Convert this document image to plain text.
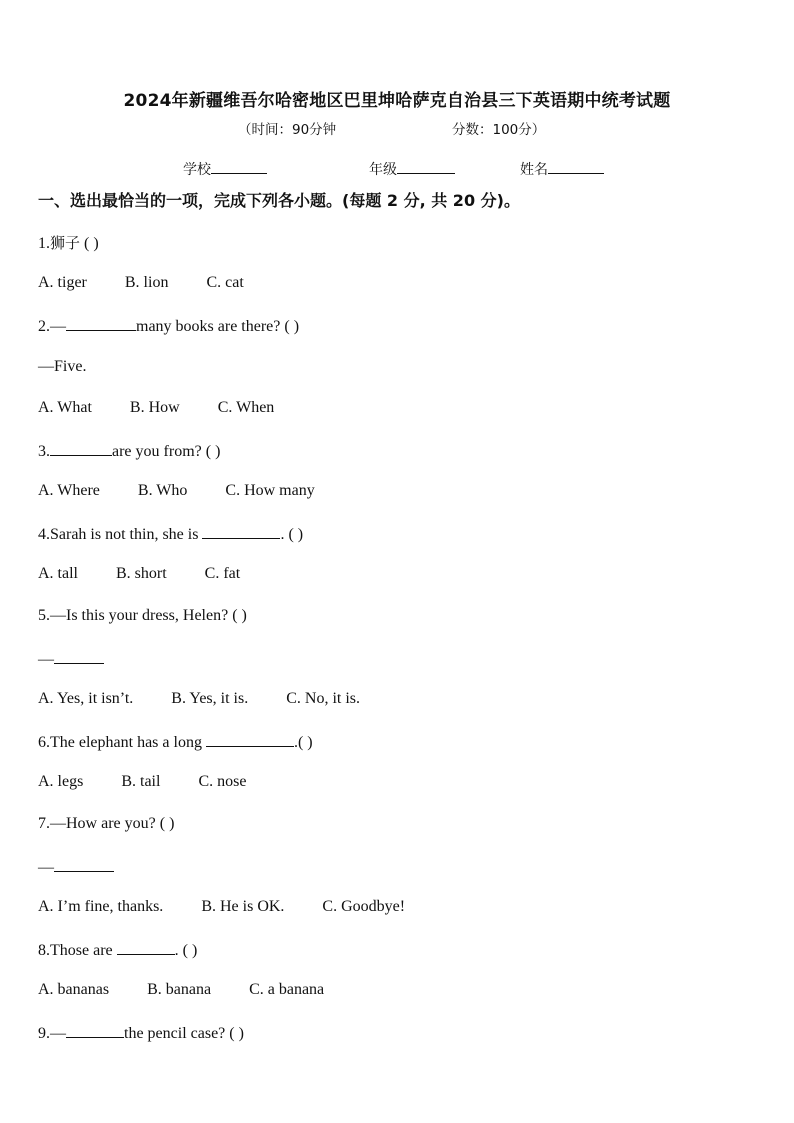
2024年新疆维吾尔哈密地区巴里坤哈萨克自治县三下英语期中统考试题
（时间：90分钟	分数：100分）
学校	年级	姓名
一、选出最恰当的一项，完成下列各小题。(每题 2 分, 共 20 分)。
1.狮子 ( )
A. tiger B. lion C. cat
2.—	many books are there? ( )
—Five.
A. What B. How C. When
3.	are you from? ( )
A. Where B. Who C. How many
4.Sarah is not thin, she is	. ( )
A. tall B. short C. fat
5.—Is this your dress, Helen? ( )
—
A. Yes, it isn’t. B. Yes, it is. C. No, it is.
6.The elephant has a long	.( )
A. legs B. tail C. nose
7.—How are you? ( )
—
A. I’m fine, thanks. B. He is OK. C. Goodbye!
8.Those are	. ( )
A. bananas B. banana C. a banana
9.—	the pencil case? ( )
